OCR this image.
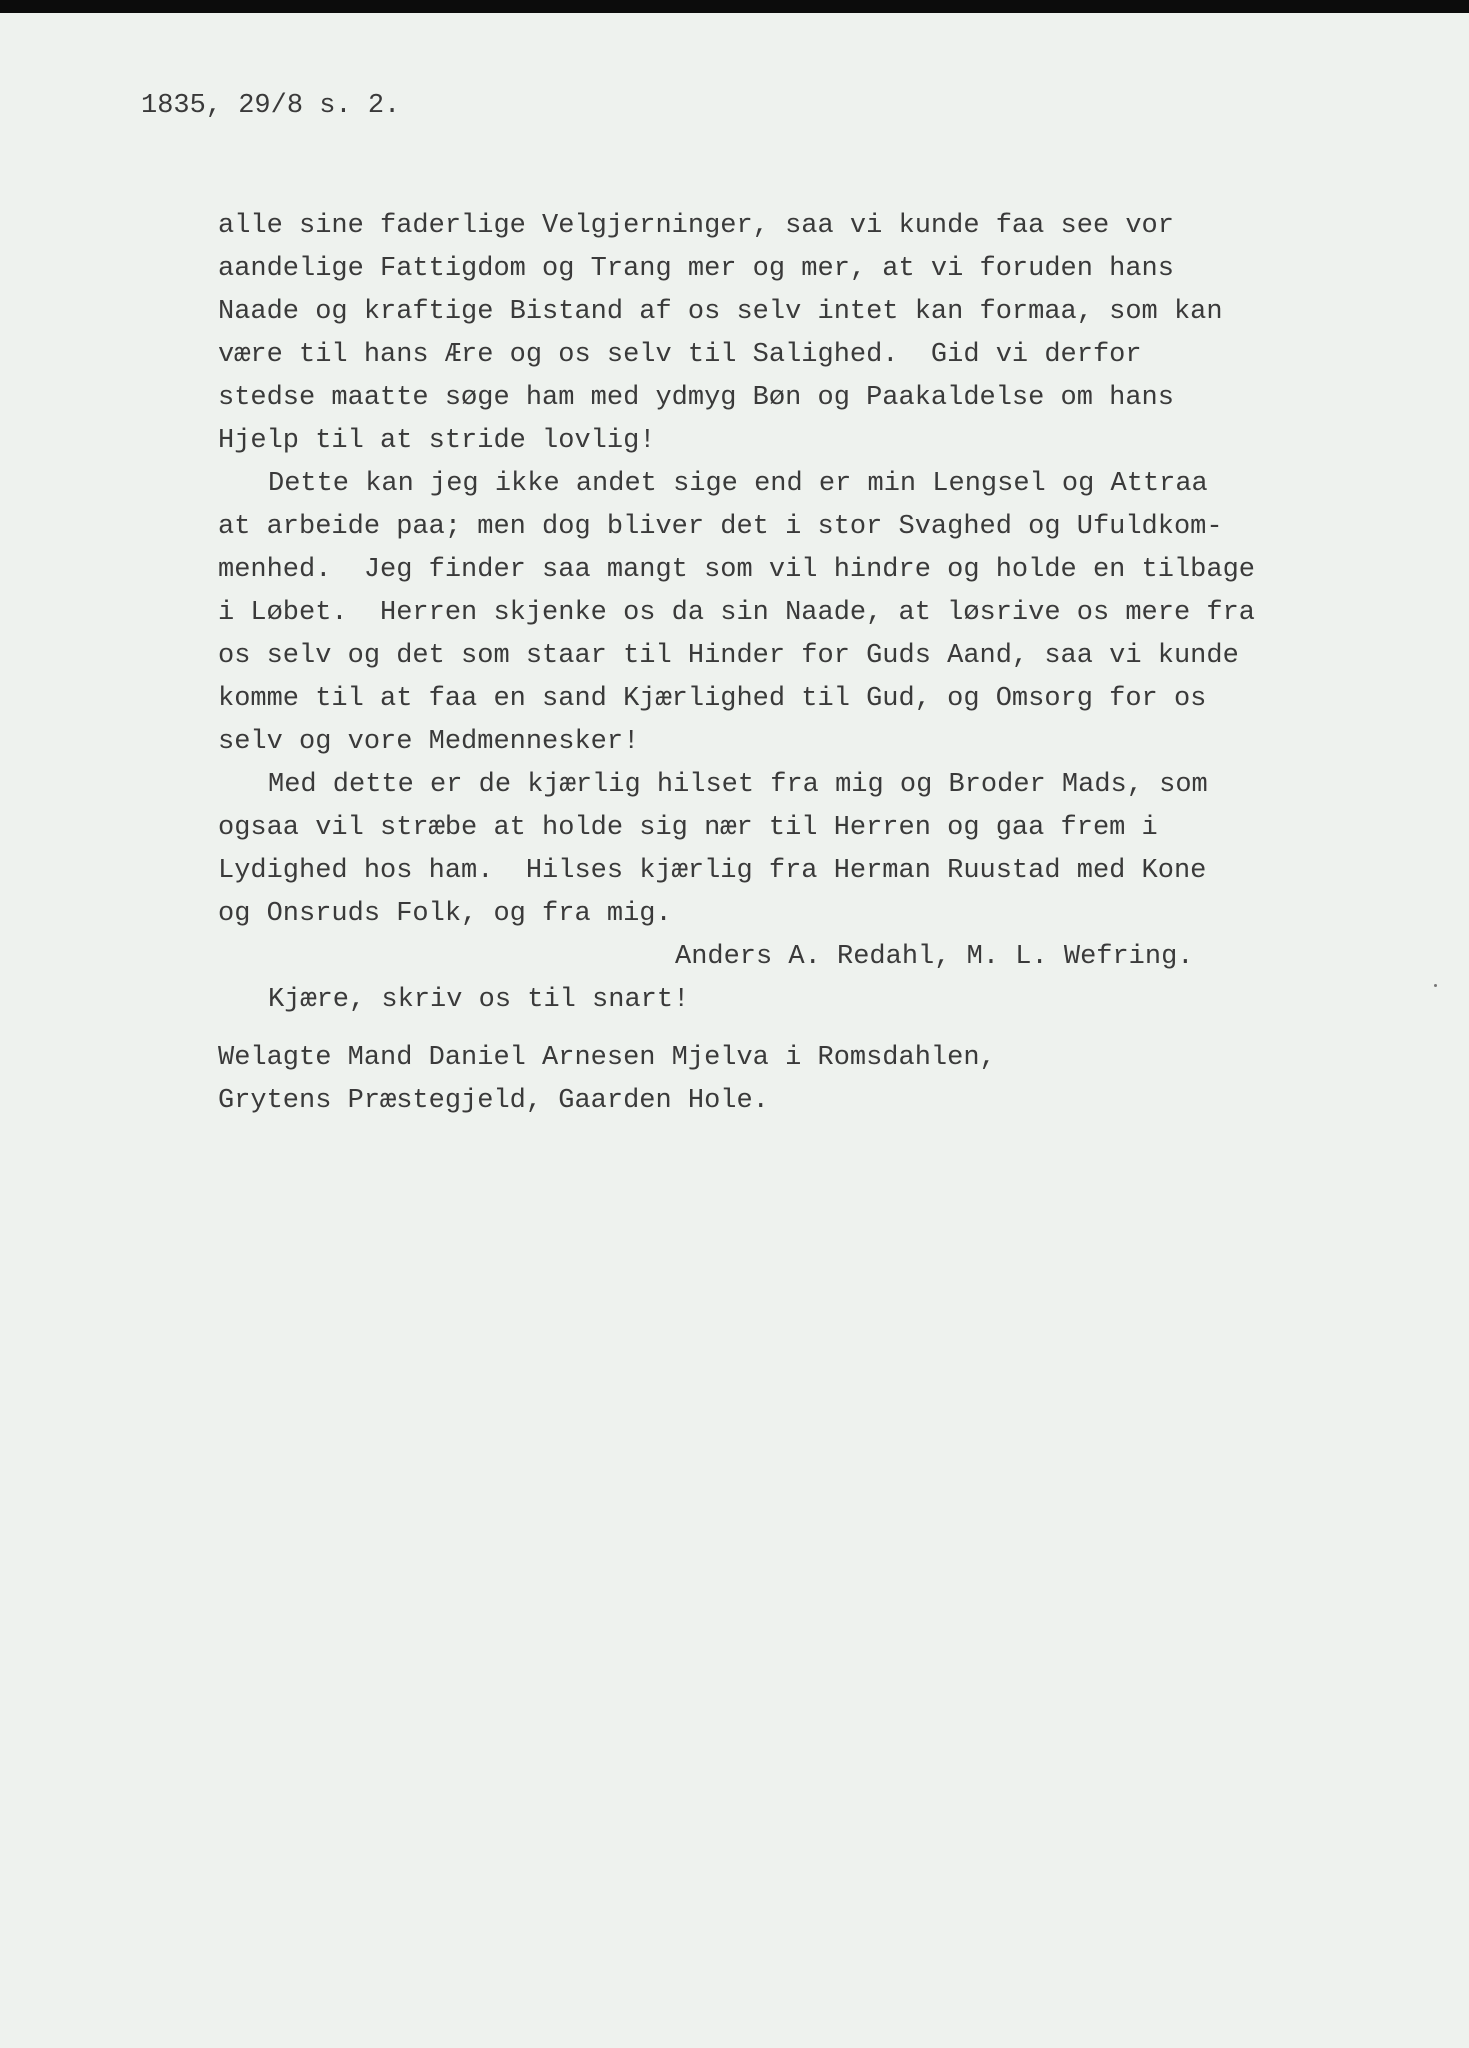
1835, 29/8 s. 2.

alle sine faderlige Velgjerninger, saa vi kunde faa see vor

aandelige Fattigdom og Trang mer og mer, at vi foruden hans

Naade og kraftige Bistand af os selv intet kan formaa, som kan

være til hans Ære og os selv til Salighed.  Gid vi derfor

stedse maatte søge ham med ydmyg Bøn og Paakaldelse om hans

Hjelp til at stride lovlig!

Dette kan jeg ikke andet sige end er min Lengsel og Attraa

at arbeide paa; men dog bliver det i stor Svaghed og Ufuldkom-

menhed.  Jeg finder saa mangt som vil hindre og holde en tilbage

i Løbet.  Herren skjenke os da sin Naade, at løsrive os mere fra

os selv og det som staar til Hinder for Guds Aand, saa vi kunde

komme til at faa en sand Kjærlighed til Gud, og Omsorg for os

selv og vore Medmennesker!

Med dette er de kjærlig hilset fra mig og Broder Mads, som

ogsaa vil stræbe at holde sig nær til Herren og gaa frem i

Lydighed hos ham.  Hilses kjærlig fra Herman Ruustad med Kone

og Onsruds Folk, og fra mig.

Anders A. Redahl, M. L. Wefring.

Kjære, skriv os til snart!

Welagte Mand Daniel Arnesen Mjelva i Romsdahlen,

Grytens Præstegjeld, Gaarden Hole.
